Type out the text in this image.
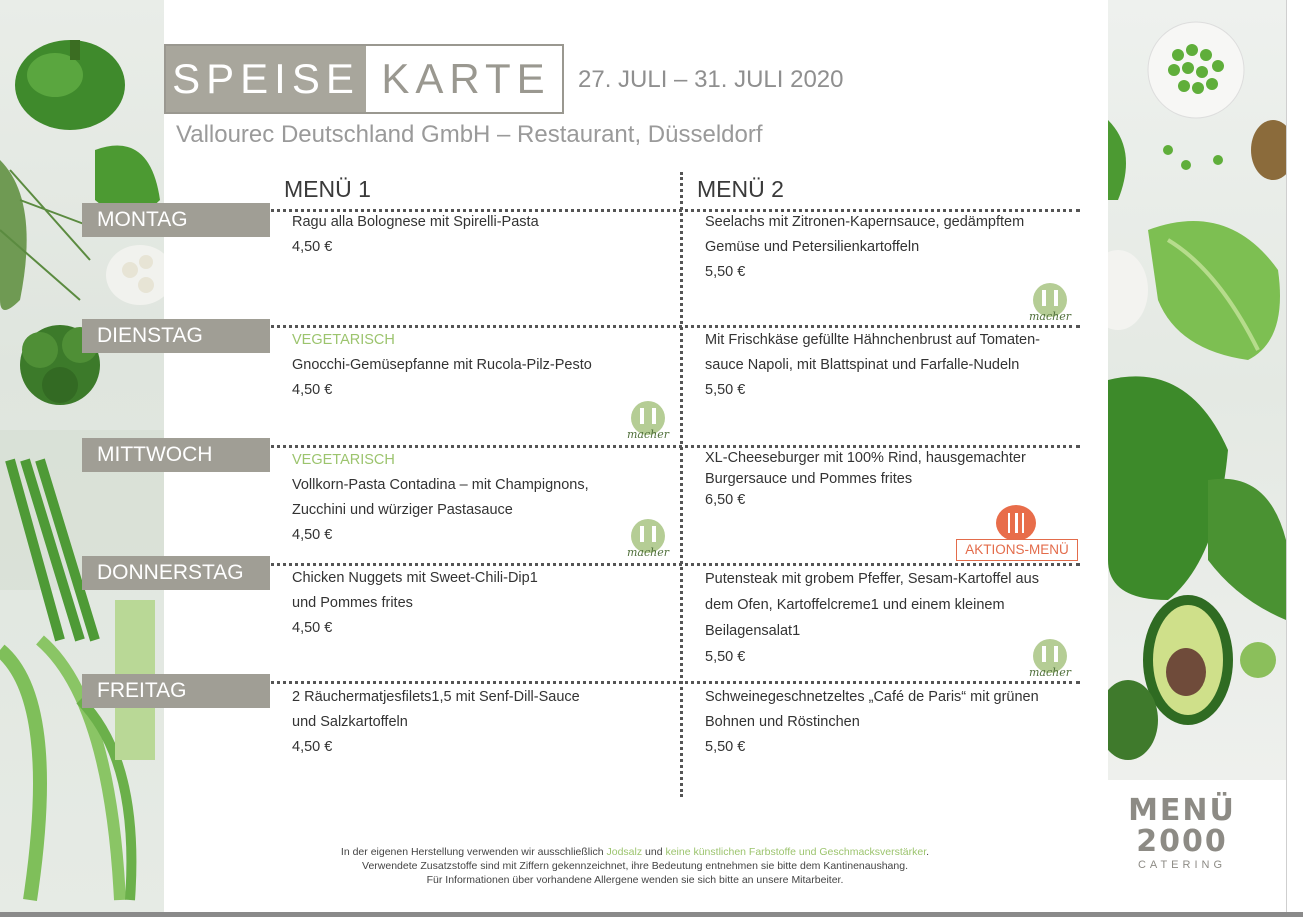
SPEISE KARTE	27. JULI – 31. JULI 2020
Vallourec Deutschland GmbH – Restaurant, Düsseldorf
MENÜ 1	MENÜ 2
MONTAG
DIENSTAG
MITTWOCH
DONNERSTAG
FREITAG
Ragu alla Bolognese mit Spirelli-Pasta
4,50 €
Seelachs mit Zitronen-Kapernsauce, gedämpftem
Gemüse und Petersilienkartoffeln
5,50 €
VEGETARISCH
Gnocchi-Gemüsepfanne mit Rucola-Pilz-Pesto
4,50 €
Mit Frischkäse gefüllte Hähnchenbrust auf Tomaten-
sauce Napoli, mit Blattspinat und Farfalle-Nudeln
5,50 €
VEGETARISCH
Vollkorn-Pasta Contadina – mit Champignons,
Zucchini und würziger Pastasauce
4,50 €
XL-Cheeseburger mit 100% Rind, hausgemachter
Burgersauce und Pommes frites
6,50 €
Chicken Nuggets mit Sweet-Chili-Dip1
und Pommes frites
4,50 €
Putensteak mit grobem Pfeffer, Sesam-Kartoffel aus
dem Ofen, Kartoffelcreme1 und einem kleinem
Beilagensalat1
5,50 €
2 Räuchermatjesfilets1,5 mit Senf-Dill-Sauce
und Salzkartoffeln
4,50 €
Schweinegeschnetzeltes „Café de Paris“ mit grünen
Bohnen und Röstinchen
5,50 €
macher
macher
macher
macher
AKTIONS-MENÜ
In der eigenen Herstellung verwenden wir ausschließlich Jodsalz und keine künstlichen Farbstoffe und Geschmacksverstärker.
Verwendete Zusatzstoffe sind mit Ziffern gekennzeichnet, ihre Bedeutung entnehmen sie bitte dem Kantinenaushang.
Für Informationen über vorhandene Allergene wenden sie sich bitte an unsere Mitarbeiter.
MENÜ
2000
CATERING
